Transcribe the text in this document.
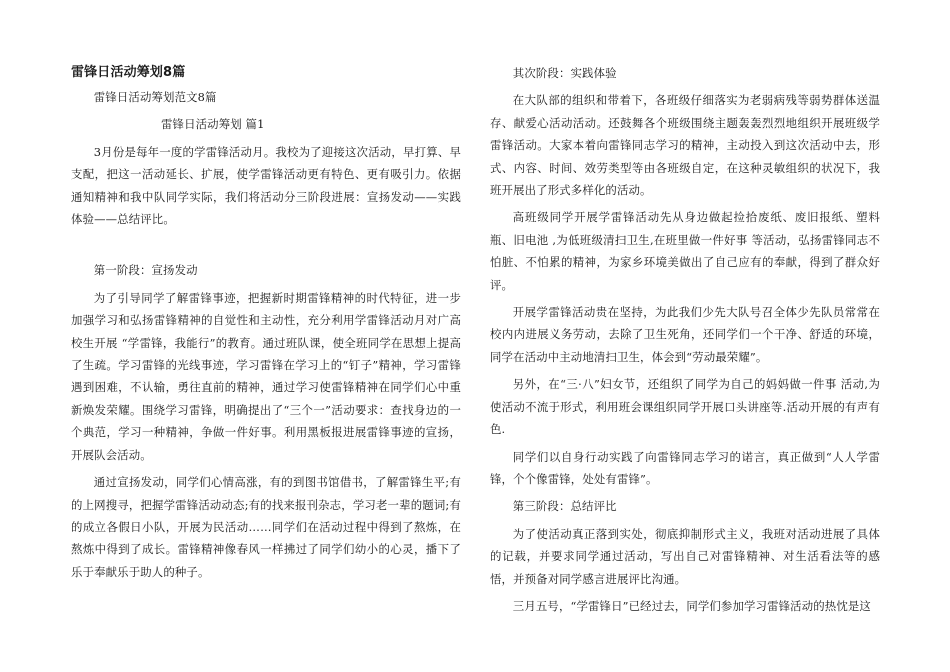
雷锋日活动筹划8篇

雷锋日活动筹划范文8篇

雷锋日活动筹划 篇1

3月份是每年一度的学雷锋活动月。我校为了迎接这次活动，早打算、早支配，把这一活动延长、扩展，使学雷锋活动更有特色、更有吸引力。依据通知精神和我中队同学实际，我们将活动分三阶段进展：宣扬发动——实践体验——总结评比。

第一阶段：宣扬发动

为了引导同学了解雷锋事迹，把握新时期雷锋精神的时代特征，进一步加强学习和弘扬雷锋精神的自觉性和主动性，充分利用学雷锋活动月对广高校生开展 “学雷锋，我能行”的教育。通过班队课，使全班同学在思想上提高了生疏。学习雷锋的光线事迹，学习雷锋在学习上的“钉子”精神，学习雷锋遇到困难，不认输，勇往直前的精神，通过学习使雷锋精神在同学们心中重新焕发荣耀。围绕学习雷锋，明确提出了“三个一”活动要求：查找身边的一个典范，学习一种精神，争做一件好事。利用黑板报进展雷锋事迹的宣扬，开展队会活动。

通过宣扬发动，同学们心情高涨，有的到图书馆借书，了解雷锋生平;有的上网搜寻，把握学雷锋活动动态;有的找来报刊杂志，学习老一辈的题词;有的成立各假日小队，开展为民活动……同学们在活动过程中得到了熬炼，在熬炼中得到了成长。雷锋精神像春风一样拂过了同学们幼小的心灵，播下了乐于奉献乐于助人的种子。

其次阶段：实践体验

在大队部的组织和带着下，各班级仔细落实为老弱病残等弱势群体送温存、献爱心活动活动。还鼓舞各个班级围绕主题轰轰烈烈地组织开展班级学雷锋活动。大家本着向雷锋同志学习的精神，主动投入到这次活动中去，形式、内容、时间、效劳类型等由各班级自定，在这种灵敏组织的状况下，我班开展出了形式多样化的活动。

高班级同学开展学雷锋活动先从身边做起捡拾废纸、废旧报纸、塑料瓶、旧电池 ,为低班级清扫卫生,在班里做一件好事 等活动，弘扬雷锋同志不怕脏、不怕累的精神，为家乡环境美做出了自己应有的奉献，得到了群众好评。

开展学雷锋活动贵在坚持，为此我们少先大队号召全体少先队员常常在校内内进展义务劳动，去除了卫生死角，还同学们一个干净、舒适的环境，同学在活动中主动地清扫卫生，体会到“劳动最荣耀”。

另外，在“三·八”妇女节，还组织了同学为自己的妈妈做一件事 活动,为使活动不流于形式，利用班会课组织同学开展口头讲座等.活动开展的有声有色.

同学们以自身行动实践了向雷锋同志学习的诺言，真正做到“人人学雷锋，个个像雷锋，处处有雷锋”。

第三阶段：总结评比

为了使活动真正落到实处，彻底抑制形式主义，我班对活动进展了具体的记载，并要求同学通过活动，写出自己对雷锋精神、对生活看法等的感悟，并预备对同学感言进展评比沟通。

三月五号，“学雷锋日”已经过去，同学们参加学习雷锋活动的热忱是这
